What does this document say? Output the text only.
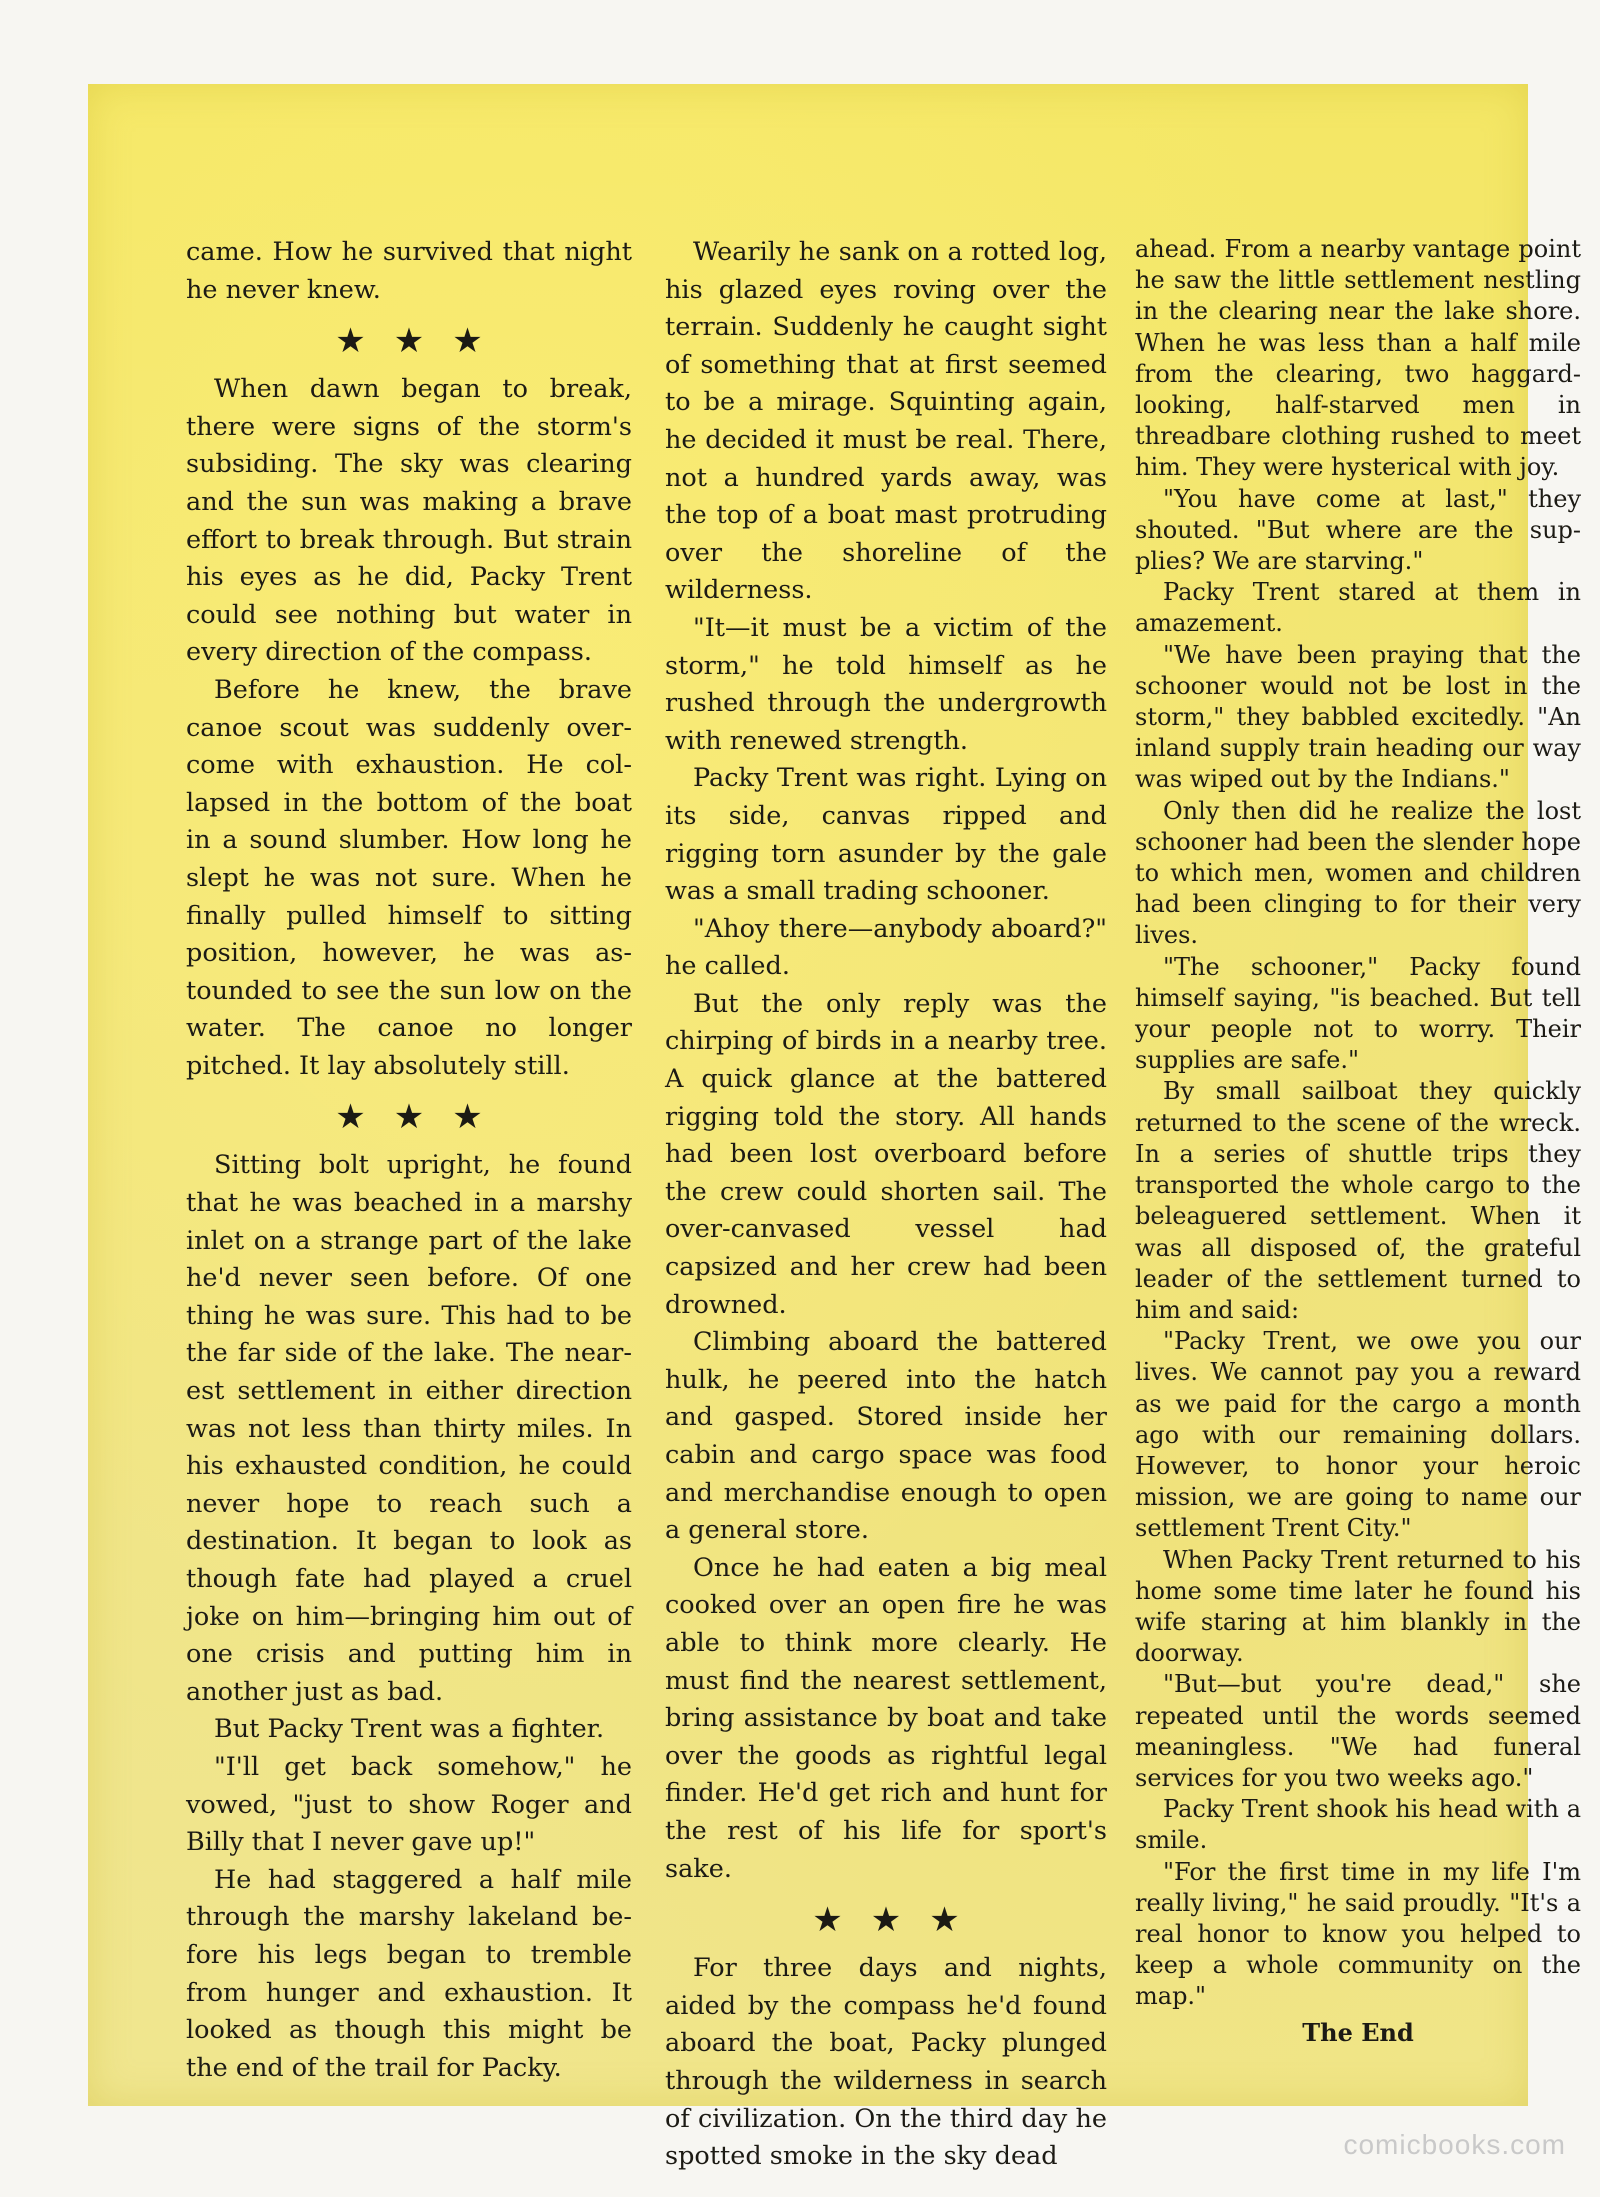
came. How he survived that night he never knew.

★★★

When dawn began to break, there were signs of the storm's subsiding. The sky was clearing and the sun was making a brave effort to break through. But strain his eyes as he did, Packy Trent could see nothing but water in every direction of the compass.

Before he knew, the brave canoe scout was suddenly overcome with exhaustion. He collapsed in the bottom of the boat in a sound slumber. How long he slept he was not sure. When he finally pulled himself to sitting position, however, he was astounded to see the sun low on the water. The canoe no longer pitched. It lay absolutely still.

★★★

Sitting bolt upright, he found that he was beached in a marshy inlet on a strange part of the lake he'd never seen before. Of one thing he was sure. This had to be the far side of the lake. The nearest settlement in either direction was not less than thirty miles. In his exhausted condition, he could never hope to reach such a destination. It began to look as though fate had played a cruel joke on him—bringing him out of one crisis and putting him in another just as bad.

But Packy Trent was a fighter.

"I'll get back somehow," he vowed, "just to show Roger and Billy that I never gave up!"

He had staggered a half mile through the marshy lakeland before his legs began to tremble from hunger and exhaustion. It looked as though this might be the end of the trail for Packy.

Wearily he sank on a rotted log, his glazed eyes roving over the terrain. Suddenly he caught sight of something that at first seemed to be a mirage. Squinting again, he decided it must be real. There, not a hundred yards away, was the top of a boat mast protruding over the shoreline of the wilderness.

"It—it must be a victim of the storm," he told himself as he rushed through the undergrowth with renewed strength.

Packy Trent was right. Lying on its side, canvas ripped and rigging torn asunder by the gale was a small trading schooner.

"Ahoy there—anybody aboard?" he called.

But the only reply was the chirping of birds in a nearby tree. A quick glance at the battered rigging told the story. All hands had been lost overboard before the crew could shorten sail. The over-canvased vessel had capsized and her crew had been drowned.

Climbing aboard the battered hulk, he peered into the hatch and gasped. Stored inside her cabin and cargo space was food and merchandise enough to open a general store.

Once he had eaten a big meal cooked over an open fire he was able to think more clearly. He must find the nearest settlement, bring assistance by boat and take over the goods as rightful legal finder. He'd get rich and hunt for the rest of his life for sport's sake.

★★★

For three days and nights, aided by the compass he'd found aboard the boat, Packy plunged through the wilderness in search of civilization. On the third day he spotted smoke in the sky dead

ahead. From a nearby vantage point he saw the little settlement nestling in the clearing near the lake shore. When he was less than a half mile from the clearing, two haggard-looking, half-starved men in threadbare clothing rushed to meet him. They were hysterical with joy.

"You have come at last," they shouted. "But where are the supplies? We are starving."

Packy Trent stared at them in amazement.

"We have been praying that the schooner would not be lost in the storm," they babbled excitedly. "An inland supply train heading our way was wiped out by the Indians."

Only then did he realize the lost schooner had been the slender hope to which men, women and children had been clinging to for their very lives.

"The schooner," Packy found himself saying, "is beached. But tell your people not to worry. Their supplies are safe."

By small sailboat they quickly returned to the scene of the wreck. In a series of shuttle trips they transported the whole cargo to the beleaguered settlement. When it was all disposed of, the grateful leader of the settlement turned to him and said:

"Packy Trent, we owe you our lives. We cannot pay you a reward as we paid for the cargo a month ago with our remaining dollars. However, to honor your heroic mission, we are going to name our settlement Trent City."

When Packy Trent returned to his home some time later he found his wife staring at him blankly in the doorway.

"But—but you're dead," she repeated until the words seemed meaningless. "We had funeral services for you two weeks ago."

Packy Trent shook his head with a smile.

"For the first time in my life I'm really living," he said proudly. "It's a real honor to know you helped to keep a whole community on the map."

The End

comicbooks.com
